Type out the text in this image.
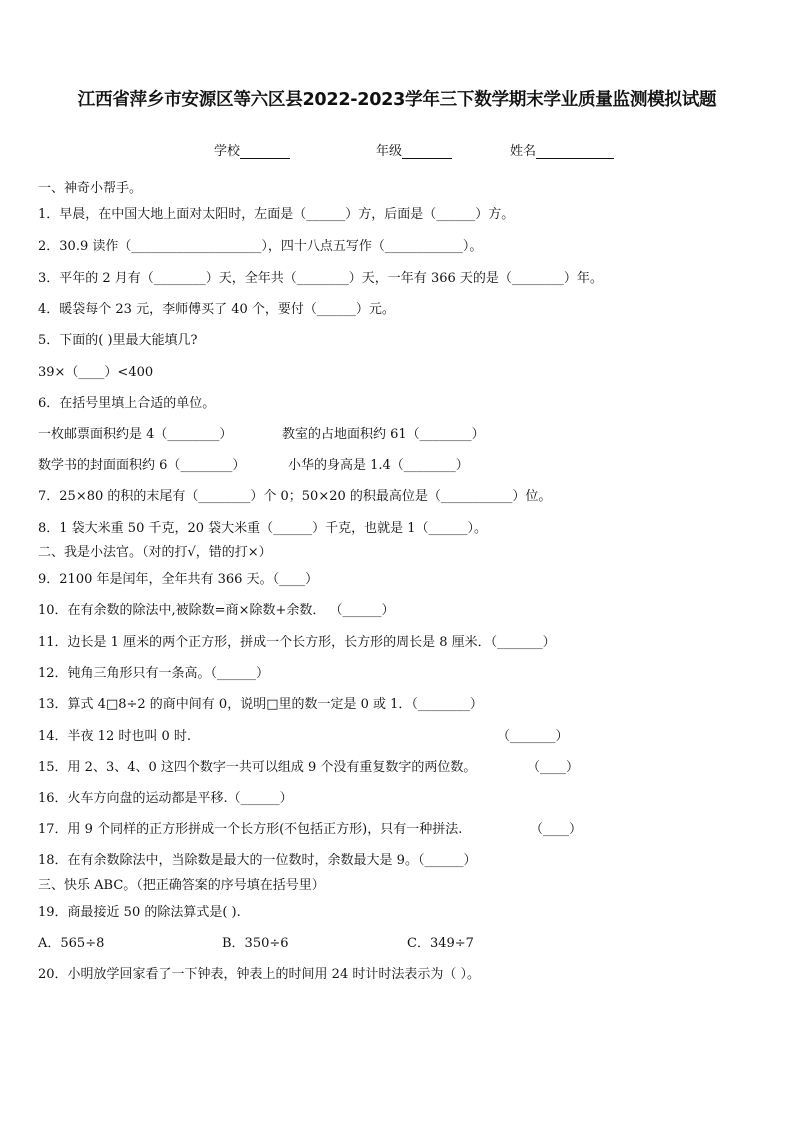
江西省萍乡市安源区等六区县2022-2023学年三下数学期末学业质量监测模拟试题
学校	年级	姓名
一、神奇小帮手。
1．早晨，在中国大地上面对太阳时，左面是（______）方，后面是（______）方。
2．30.9 读作（____________________），四十八点五写作（____________）。
3．平年的 2 月有（________）天，全年共（________）天，一年有 366 天的是（________）年。
4．暖袋每个 23 元，李师傅买了 40 个，要付（______）元。
5．下面的( )里最大能填几?
39×（____）<400
6．在括号里填上合适的单位。
一枚邮票面积约是 4（________）	教室的占地面积约 61（________）
数学书的封面面积约 6（________）	小华的身高是 1.4（________）
7．25×80 的积的末尾有（________）个 0；50×20 的积最高位是（___________）位。
8．1 袋大米重 50 千克，20 袋大米重（______）千克，也就是 1（______）。
二、我是小法官。（对的打√，错的打×）
9．2100 年是闰年，全年共有 366 天。（____）
10．在有余数的除法中,被除数=商×除数+余数． （______）
11．边长是 1 厘米的两个正方形，拼成一个长方形，长方形的周长是 8 厘米．（_______）
12．钝角三角形只有一条高。（______）
13．算式 4□8÷2 的商中间有 0，说明□里的数一定是 0 或 1．（________）
14．半夜 12 时也叫 0 时.	（_______）
15．用 2、3、4、0 这四个数字一共可以组成 9 个没有重复数字的两位数。	（____）
16．火车方向盘的运动都是平移.（______）
17．用 9 个同样的正方形拼成一个长方形(不包括正方形)，只有一种拼法.	（____）
18．在有余数除法中，当除数是最大的一位数时，余数最大是 9。（______）
三、快乐 ABC。（把正确答案的序号填在括号里）
19．商最接近 50 的除法算式是( ).
A．565÷8	B．350÷6	C．349÷7
20．小明放学回家看了一下钟表，钟表上的时间用 24 时计时法表示为（ ）。
